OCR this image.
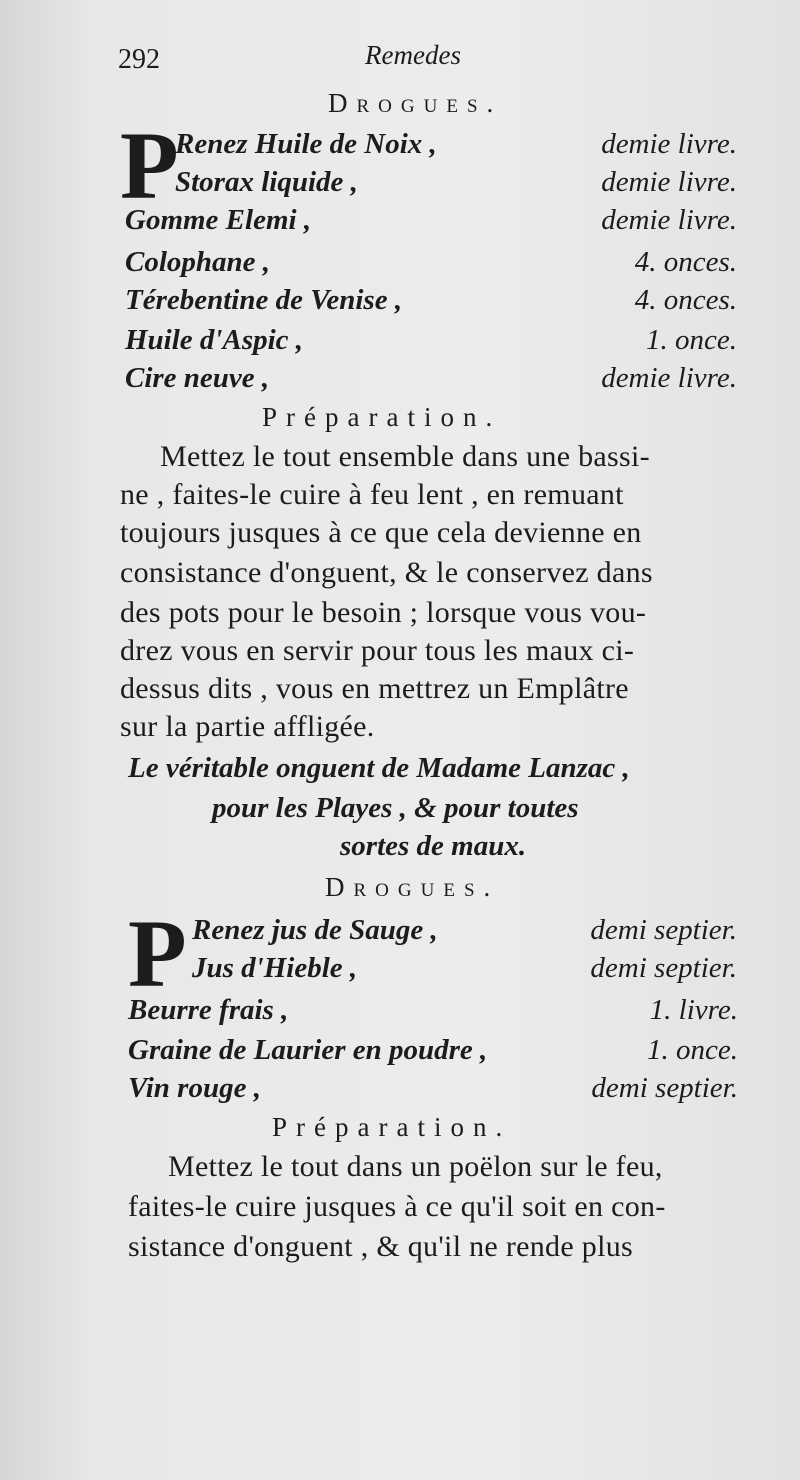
292	Remedes
Drogues.
P
Renez Huile de Noix ,	demie livre.
Storax liquide ,	demie livre.
Gomme Elemi ,	demie livre.
Colophane ,	4. onces.
Térebentine de Venise ,	4. onces.
Huile d'Aspic ,	1. once.
Cire neuve ,	demie livre.
Préparation.
Mettez le tout ensemble dans une bassi-
ne , faites-le cuire à feu lent , en remuant
toujours jusques à ce que cela devienne en
consistance d'onguent, & le conservez dans
des pots pour le besoin ; lorsque vous vou-
drez vous en servir pour tous les maux ci-
dessus dits , vous en mettrez un Emplâtre
sur la partie affligée.
Le véritable onguent de Madame Lanzac ,
pour les Playes , & pour toutes
sortes de maux.
Drogues.
P Renez jus de Sauge ,	demi septier.
Jus d'Hieble ,	demi septier.
Beurre frais ,	1. livre.
Graine de Laurier en poudre ,	1. once.
Vin rouge ,	demi septier.
Préparation.
Mettez le tout dans un poëlon sur le feu,
faites-le cuire jusques à ce qu'il soit en con-
sistance d'onguent , & qu'il ne rende plus
